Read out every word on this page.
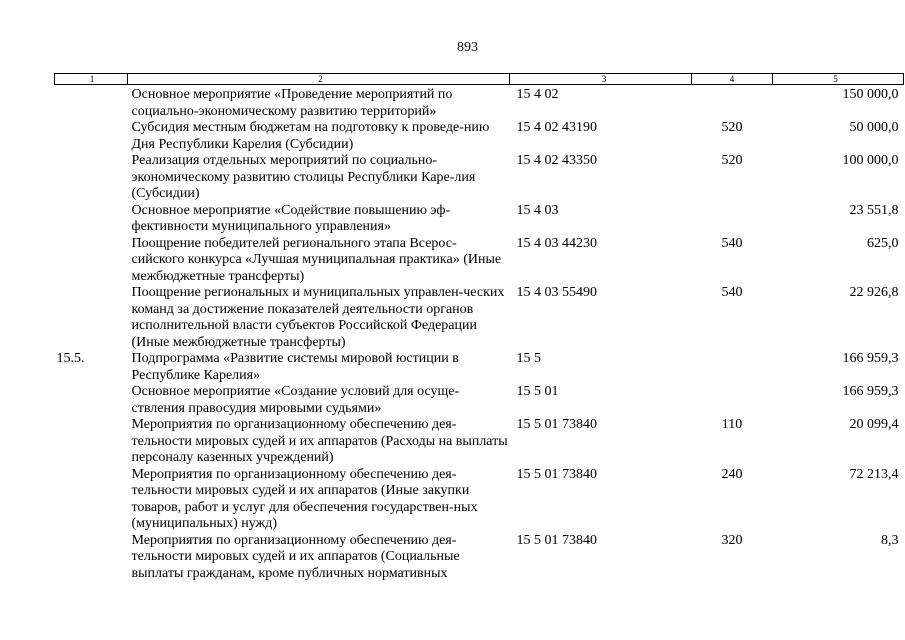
893
1	2	3	4	5
	Основное мероприятие «Проведение мероприятий по социально-экономическому развитию территорий»	15 4 02		150 000,0
	Субсидия местным бюджетам на подготовку к проведе-нию Дня Республики Карелия (Субсидии)	15 4 02 43190	520	50 000,0
	Реализация отдельных мероприятий по социально-экономическому развитию столицы Республики Каре-лия (Субсидии)	15 4 02 43350	520	100 000,0
	Основное мероприятие «Содействие повышению эф-фективности муниципального управления»	15 4 03		23 551,8
	Поощрение победителей регионального этапа Всерос-сийского конкурса «Лучшая муниципальная практика» (Иные межбюджетные трансферты)	15 4 03 44230	540	625,0
	Поощрение региональных и муниципальных управлен-ческих команд за достижение показателей деятельности органов исполнительной власти субъектов Российской Федерации (Иные межбюджетные трансферты)	15 4 03 55490	540	22 926,8
15.5.	Подпрограмма «Развитие системы мировой юстиции в Республике Карелия»	15 5		166 959,3
	Основное мероприятие «Создание условий для осуще-ствления правосудия мировыми судьями»	15 5 01		166 959,3
	Мероприятия по организационному обеспечению дея-тельности мировых судей и их аппаратов (Расходы на выплаты персоналу казенных учреждений)	15 5 01 73840	110	20 099,4
	Мероприятия по организационному обеспечению дея-тельности мировых судей и их аппаратов (Иные закупки товаров, работ и услуг для обеспечения государствен-ных (муниципальных) нужд)	15 5 01 73840	240	72 213,4
	Мероприятия по организационному обеспечению дея-тельности мировых судей и их аппаратов (Социальные выплаты гражданам, кроме публичных нормативных	15 5 01 73840	320	8,3
